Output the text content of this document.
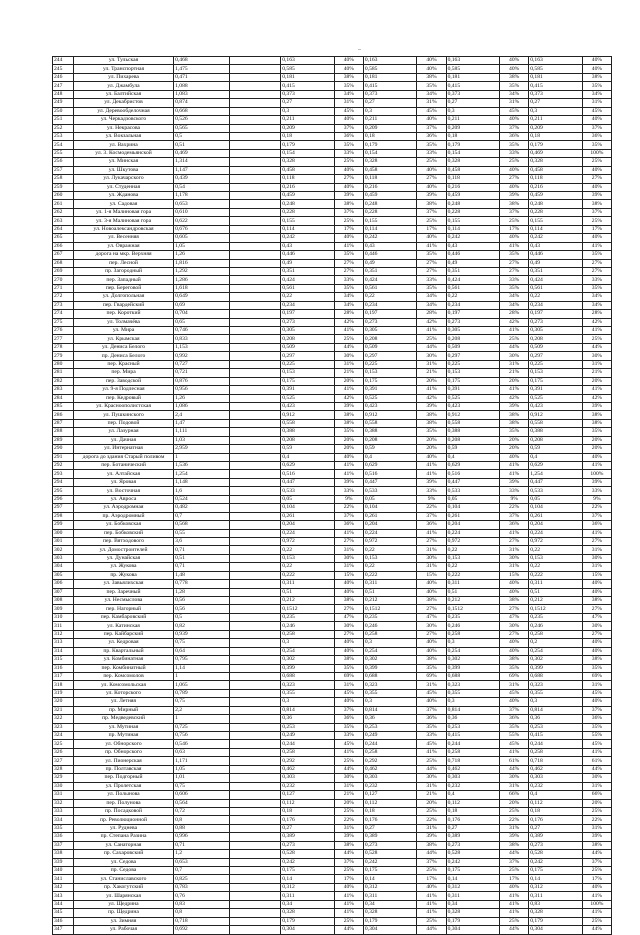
–
244	ул. Тульская	0,468		0,163	40%	0,163	40%	0,163	40%	0,163	40%
245	ул. Транспортная	1,475		0,585	40%	0,585	40%	0,585	40%	0,585	40%
246	ул. Пихарева	0,471		0,181	38%	0,181	38%	0,181	38%	0,181	38%
247	ул. Джамбула	1,088		0,415	35%	0,415	35%	0,415	35%	0,415	35%
248	ул. Балтийская	1,083		0,373	34%	0,373	34%	0,373	34%	0,373	34%
249	ул. Декабристов	0,874		0,27	31%	0,27	31%	0,27	31%	0,27	31%
250	ул. Деревообделочная	0,668		0,3	45%	0,3	45%	0,3	45%	0,3	45%
251	ул. Черкадзовского	0,526		0,211	40%	0,211	40%	0,211	40%	0,211	40%
252	ул. Некрасова	0,565		0,209	37%	0,209	37%	0,209	37%	0,209	37%
253	ул. Вокзальная	0,5		0,18	36%	0,18	36%	0,18	36%	0,18	36%
254	ул. Вахрина	0,51		0,179	35%	0,179	35%	0,179	35%	0,179	35%
255	ул. 3. Космодемьянской	0,469		0,154	33%	0,154	33%	0,154	33%	0,469	100%
256	ул. Минская	1,314		0,328	25%	0,328	25%	0,328	25%	0,328	25%
257	ул. Шкутова	1,147		0,458	40%	0,458	40%	0,458	40%	0,458	40%
258	ул. Лукачарского	0,439		0,118	27%	0,118	27%	0,118	27%	0,118	27%
259	ул. Студенная	0,54		0,216	40%	0,216	40%	0,216	40%	0,216	40%
260	ул. Жданова	1,178		0,459	39%	0,459	39%	0,459	39%	0,459	39%
261	ул. Садовая	0,653		0,248	38%	0,248	38%	0,248	38%	0,248	38%
262	ул. 1-я Малиновая гора	0,610		0,228	37%	0,228	37%	0,228	37%	0,228	37%
263	ул. 3-я Малиновая гора	0,622		0,155	25%	0,155	25%	0,155	25%	0,155	25%
264	ул. Новоалександровская	0,676		0,114	17%	0,114	17%	0,114	17%	0,114	17%
265	ул. Весенняя	0,605		0,242	40%	0,242	40%	0,242	40%	0,242	40%
266	ул. Овражная	1,05		0,43	41%	0,43	41%	0,43	41%	0,43	41%
267	дорога на мкр. Верхняя	1,26		0,446	35%	0,446	35%	0,446	35%	0,446	35%
268	пер. Лесной	1,816		0,49	27%	0,49	27%	0,49	27%	0,49	27%
269	пр. Загородный	1,292		0,351	27%	0,351	27%	0,351	27%	0,351	27%
270	пер. Западный	1,286		0,424	33%	0,424	33%	0,424	33%	0,424	33%
271	пер. Береговой	1,618		0,561	35%	0,561	35%	0,561	35%	0,561	35%
272	ул. Долгопольная	0,649		0,22	34%	0,22	34%	0,22	34%	0,22	34%
273	пер. Гвардейский	0,69		0,234	34%	0,234	34%	0,234	34%	0,234	34%
274	пер. Короткий	0,704		0,197	28%	0,197	28%	0,197	28%	0,197	28%
275	ул. Толмачёва	0,65		0,273	42%	0,273	42%	0,273	42%	0,273	42%
276	ул. Мира	0,746		0,305	41%	0,305	41%	0,305	41%	0,305	41%
277	ул. Крымская	0,833		0,208	25%	0,208	25%	0,208	25%	0,208	25%
278	ул. Дениса Белого	1,153		0,509	44%	0,509	44%	0,509	44%	0,509	44%
279	пр. Дениса Белого	0,992		0,297	30%	0,297	30%	0,297	30%	0,297	30%
280	пер. Красный	0,727		0,225	31%	0,225	31%	0,225	31%	0,225	31%
281	пер. Мира	0,721		0,153	21%	0,153	21%	0,153	21%	0,153	21%
282	пер. Заводской	0,876		0,175	20%	0,175	20%	0,175	20%	0,175	20%
283	ул. 9-я Подлесная	0,956		0,391	41%	0,391	41%	0,391	41%	0,391	41%
284	пер. Кедровый	1,26		0,525	42%	0,525	42%	0,525	42%	0,525	42%
285	ул. Красноополистская	1,086		0,423	39%	0,423	39%	0,423	39%	0,423	39%
286	ул. Пушкинского	2,4		0,912	38%	0,912	38%	0,912	38%	0,912	38%
287	пер. Подовой	1,47		0,558	38%	0,558	38%	0,558	38%	0,558	38%
288	ул. Лазурная	1,111		0,388	35%	0,388	35%	0,388	35%	0,388	35%
289	ул. Дачная	1,03		0,208	20%	0,208	20%	0,208	20%	0,208	20%
290	ул. Интернатная	2,959		0,59	20%	0,59	20%	0,59	20%	0,59	20%
291	дорога до здания Старый поливом	1		0,4	40%	0,4	40%	0,4	40%	0,4	40%
292	пер. Ботанический	1,536		0,629	41%	0,629	41%	0,629	41%	0,629	41%
293	ул. Алтайская	1,254		0,516	41%	0,516	41%	0,516	41%	1,254	100%
294	ул. Яровая	1,148		0,447	39%	0,447	39%	0,447	39%	0,447	39%
295	ул. Восточная	1,6		0,533	33%	0,533	33%	0,533	33%	0,533	33%
296	ул. Авроса	0,524		0,05	9%	0,05	9%	0,05	9%	0,05	9%
297	ул. Аэродромная	0,482		0,104	22%	0,104	22%	0,104	22%	0,104	22%
298	пр. Аэродромный	0,7		0,261	37%	0,261	37%	0,261	37%	0,261	37%
299	ул. Бобковская	0,568		0,204	36%	0,204	36%	0,204	36%	0,204	36%
300	пер. Бобковский	0,55		0,224	41%	0,224	41%	0,224	41%	0,224	41%
301	пер. Вятходового	3,6		0,972	27%	0,972	27%	0,972	27%	0,972	27%
302	ул. Домостроителей	0,71		0,22	31%	0,22	31%	0,22	31%	0,22	31%
303	ул. Дунайская	0,51		0,153	30%	0,153	30%	0,153	30%	0,153	30%
304	ул. Жукова	0,71		0,22	31%	0,22	31%	0,22	31%	0,22	31%
305	пр. Жукова	1,48		0,222	15%	0,222	15%	0,222	15%	0,222	15%
306	ул. Завьялихская	0,778		0,311	40%	0,311	40%	0,311	40%	0,311	40%
307	пер. Заречный	1,28		0,51	40%	0,51	40%	0,51	40%	0,51	40%
308	ул. Несмыслова	0,56		0,212	38%	0,212	38%	0,212	38%	0,212	38%
309	пер. Нагорный	0,56		0,1512	27%	0,1512	27%	0,1512	27%	0,1512	27%
310	пер. Камбаровский	0,5		0,235	47%	0,235	47%	0,235	47%	0,235	47%
311	ул. Катинская	0,82		0,246	30%	0,246	30%	0,246	30%	0,246	30%
312	пер. Кайбарский	0,939		0,258	27%	0,258	27%	0,258	27%	0,258	27%
313	ул. Кедровая	0,75		0,3	40%	0,3	40%	0,3	40%	0,2	40%
314	пр. Квартальный	0,64		0,254	40%	0,254	40%	0,254	40%	0,254	40%
315	ул. Комбинатная	0,795		0,302	38%	0,302	38%	0,302	38%	0,302	38%
316	пер. Комбинатный	1,14		0,399	35%	0,399	35%	0,399	35%	0,399	35%
317	пер. Комсомолов	1		0,688	69%	0,688	69%	0,688	69%	0,688	69%
318	ул. Комсомольская	1,065		0,323	31%	0,323	31%	0,323	31%	0,323	31%
319	ул. Которского	0,789		0,355	45%	0,355	45%	0,355	45%	0,355	45%
320	ул. Летняя	0,75		0,3	40%	0,3	40%	0,3	40%	0,3	40%
321	пр. Мирный	2,2		0,814	37%	0,814	37%	0,814	37%	0,814	37%
322	пр. Медведевский	1		0,36	36%	0,36	36%	0,36	36%	0,36	36%
323	ул. Мутиная	0,725		0,253	35%	0,253	35%	0,253	35%	0,253	35%
324	пр. Мутиная	0,756		0,249	33%	0,249	33%	0,415	55%	0,415	55%
325	ул. Обнорского	0,546		0,244	45%	0,244	45%	0,244	45%	0,244	45%
326	пр. Обнорского	0,63		0,258	41%	0,258	41%	0,258	41%	0,258	41%
327	ул. Пионерская	1,171		0,292	25%	0,292	25%	0,718	61%	0,718	61%
328	пр. Полтавская	1,05		0,462	44%	0,462	44%	0,462	44%	0,462	44%
329	пер. Подгорный	1,01		0,303	30%	0,303	30%	0,303	30%	0,303	30%
330	ул. Пролетская	0,75		0,232	31%	0,232	31%	0,232	31%	0,232	31%
331	ул. Полынова	0,606		0,127	21%	0,127	21%	0,4	66%	0,4	66%
332	пер. Полунова	0,564		0,112	20%	0,112	20%	0,112	20%	0,112	20%
333	пр. Посадковой	0,72		0,18	25%	0,18	25%	0,18	25%	0,18	25%
334	пр. Революционной	0,8		0,176	22%	0,176	22%	0,176	22%	0,176	22%
335	ул. Руднева	0,88		0,27	31%	0,27	31%	0,27	31%	0,27	31%
336	пр. Степана Разина	0,996		0,389	39%	0,389	39%	0,389	39%	0,389	39%
337	ул. Санаторная	0,71		0,273	38%	0,273	38%	0,273	38%	0,273	38%
338	пр. Сахаровский	1,2		0,528	44%	0,528	44%	0,528	44%	0,528	44%
339	ул. Седова	0,653		0,242	37%	0,242	37%	0,242	37%	0,242	37%
340	пр. Седова	0,7		0,175	25%	0,175	25%	0,175	25%	0,175	25%
341	ул. Станиславского	0,825		0,14	17%	0,14	17%	0,14	17%	0,14	17%
342	пр. Хакогутский	0,783		0,312	40%	0,312	40%	0,312	40%	0,312	40%
343	ул. Шарянская	0,76		0,311	41%	0,311	41%	0,311	41%	0,311	41%
344	ул. Щедрина	0,83		0,34	41%	0,34	41%	0,34	41%	0,83	100%
345	пр. Щедрина	0,8		0,328	41%	0,328	41%	0,328	41%	0,328	41%
346	ул. Зимняя	0,718		0,179	25%	0,179	25%	0,179	25%	0,179	25%
347	ул. Рабочая	0,692		0,304	44%	0,304	44%	0,304	44%	0,304	44%
